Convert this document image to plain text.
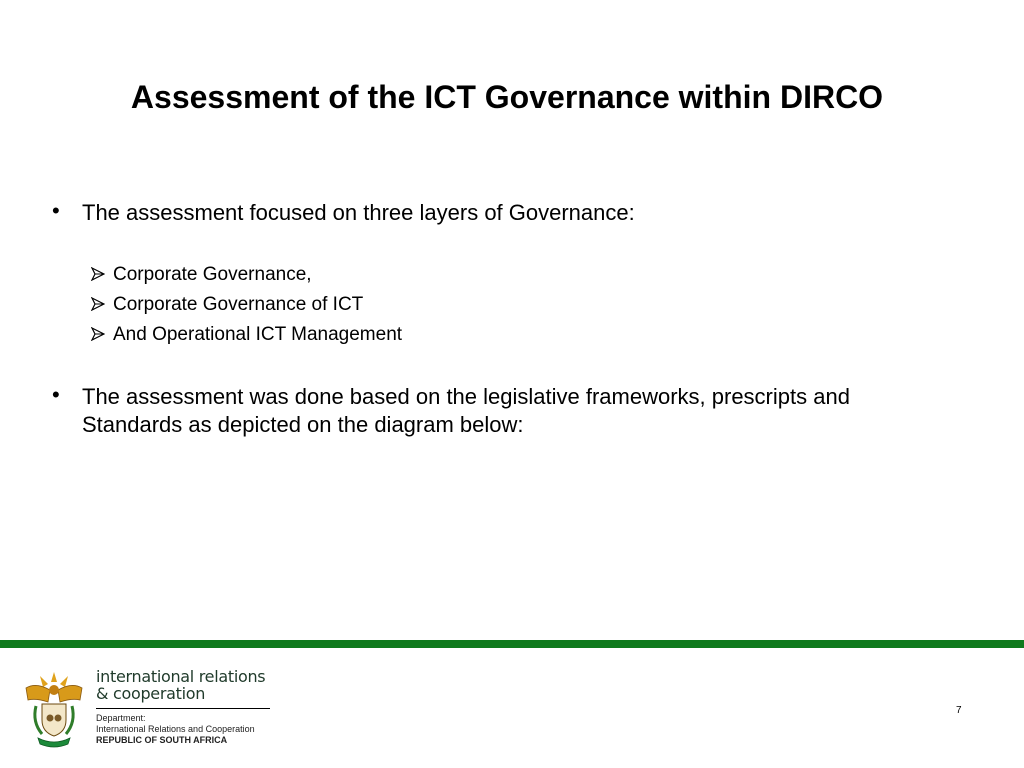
Assessment of the ICT Governance within DIRCO
• The assessment focused on three layers of Governance:
Corporate Governance,
Corporate Governance of ICT
And Operational ICT Management
• The assessment was done based on the legislative frameworks, prescripts and Standards as depicted on the diagram below:
international relations
& cooperation
Department:
International Relations and Cooperation
REPUBLIC OF SOUTH AFRICA
7
